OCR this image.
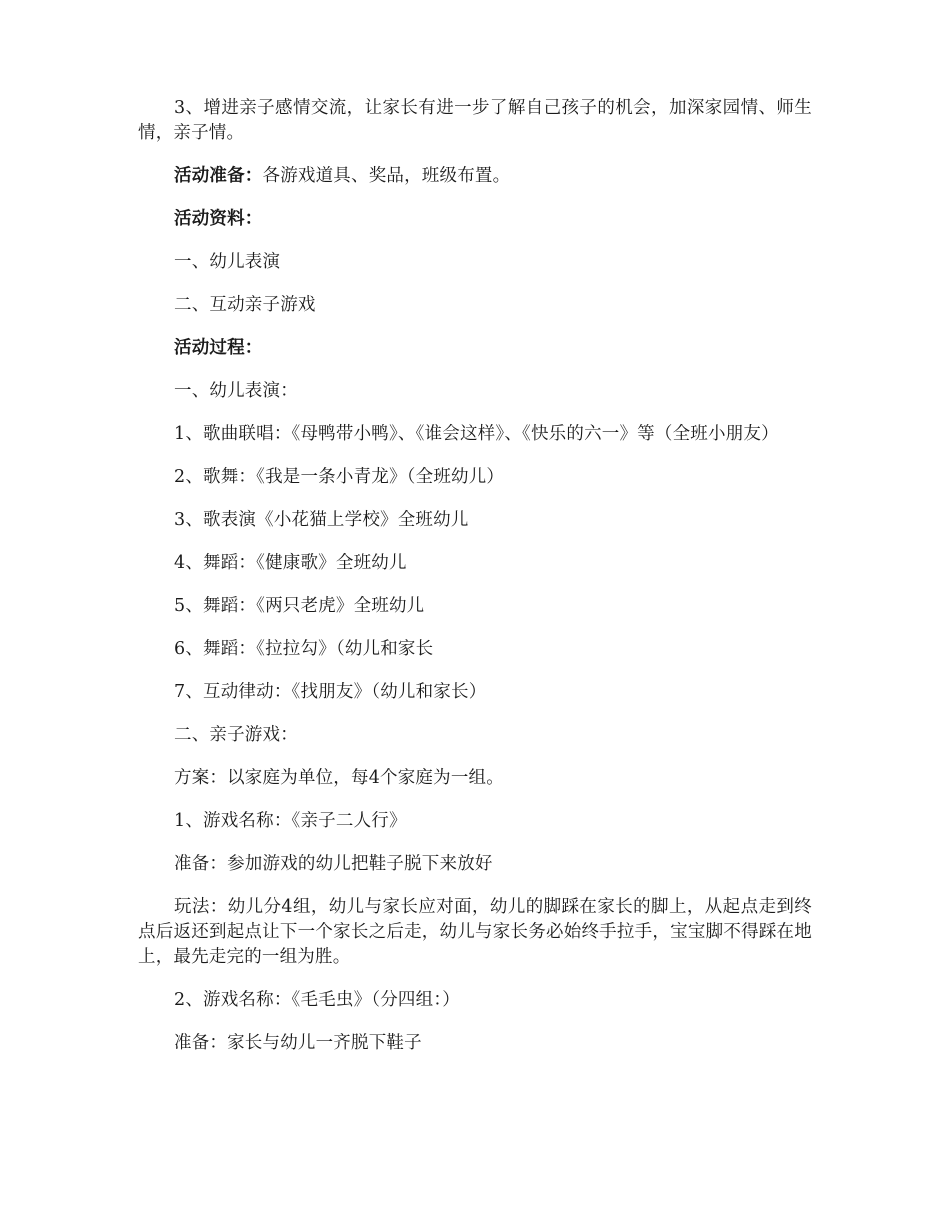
3、增进亲子感情交流，让家长有进一步了解自己孩子的机会，加深家园情、师生情，亲子情。

活动准备：各游戏道具、奖品，班级布置。

活动资料：

一、幼儿表演

二、互动亲子游戏

活动过程：

一、幼儿表演：

1、歌曲联唱：《母鸭带小鸭》、《谁会这样》、《快乐的六一》等（全班小朋友）

2、歌舞：《我是一条小青龙》（全班幼儿）

3、歌表演《小花猫上学校》全班幼儿

4、舞蹈：《健康歌》全班幼儿

5、舞蹈：《两只老虎》全班幼儿

6、舞蹈：《拉拉勾》（幼儿和家长

7、互动律动：《找朋友》（幼儿和家长）

二、亲子游戏：

方案：以家庭为单位，每4个家庭为一组。

1、游戏名称：《亲子二人行》

准备：参加游戏的幼儿把鞋子脱下来放好

玩法：幼儿分4组，幼儿与家长应对面，幼儿的脚踩在家长的脚上，从起点走到终点后返还到起点让下一个家长之后走，幼儿与家长务必始终手拉手，宝宝脚不得踩在地上，最先走完的一组为胜。

2、游戏名称：《毛毛虫》（分四组：）

准备：家长与幼儿一齐脱下鞋子
